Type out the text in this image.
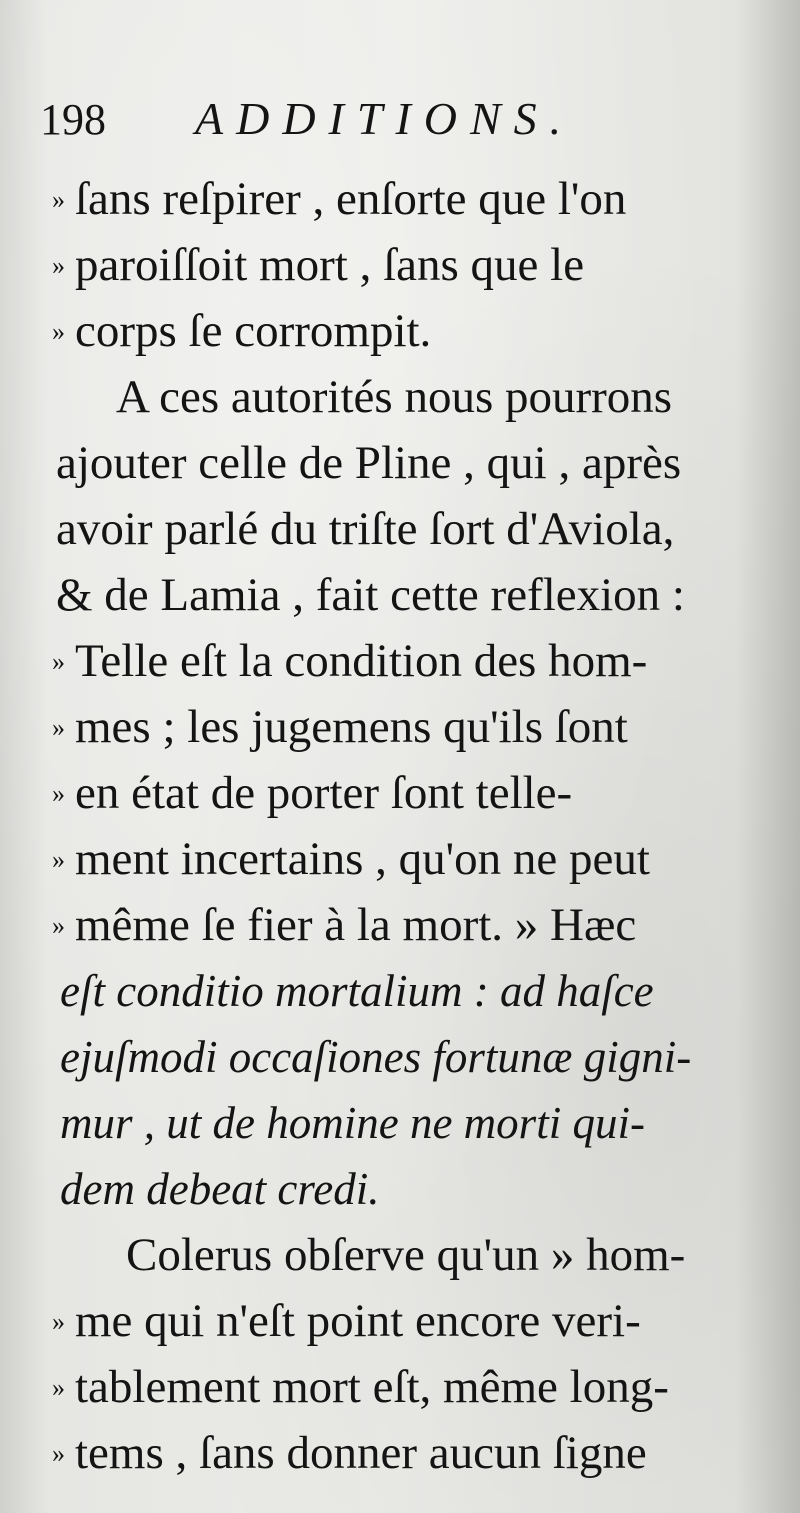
198 ADDITIONS.
» ſans reſpirer , enſorte que l'on
» paroiſſoit mort , ſans que le
» corps ſe corrompit.
A ces autorités nous pourrons
ajouter celle de Pline , qui , après
avoir parlé du triſte ſort d'Aviola,
& de Lamia , fait cette reflexion :
» Telle eſt la condition des hom-
» mes ; les jugemens qu'ils ſont
» en état de porter ſont telle-
» ment incertains , qu'on ne peut
» même ſe fier à la mort. » Hæc
eſt conditio mortalium : ad haſce
ejuſmodi occaſiones fortunæ gigni-
mur , ut de homine ne morti qui-
dem debeat credi.
Colerus obſerve qu'un » hom-
» me qui n'eſt point encore veri-
» tablement mort eſt, même long-
» tems , ſans donner aucun ſigne
